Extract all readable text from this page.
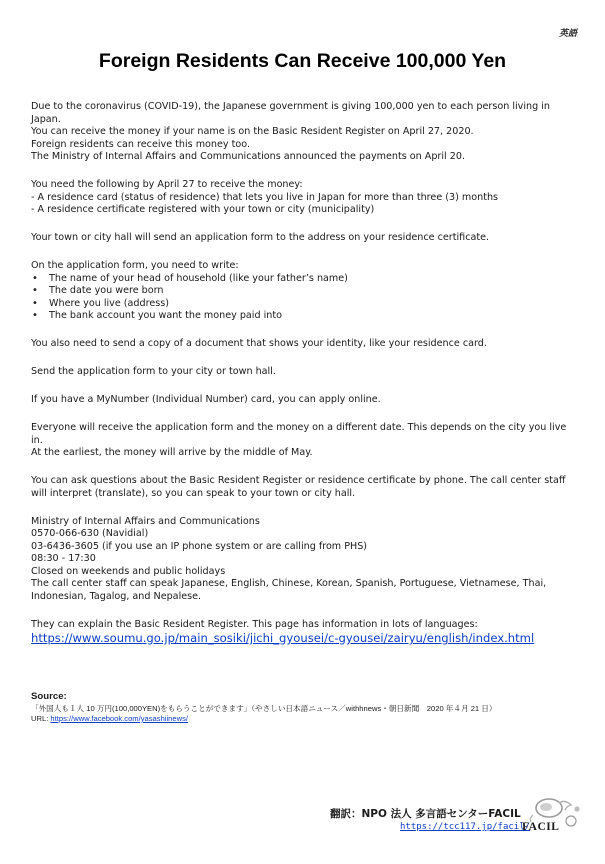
英語
Foreign Residents Can Receive 100,000 Yen

Due to the coronavirus (COVID-19), the Japanese government is giving 100,000 yen to each person living in Japan.

You can receive the money if your name is on the Basic Resident Register on April 27, 2020.

Foreign residents can receive this money too.

The Ministry of Internal Affairs and Communications announced the payments on April 20.

You need the following by April 27 to receive the money:

- A residence card (status of residence) that lets you live in Japan for more than three (3) months

- A residence certificate registered with your town or city (municipality)

Your town or city hall will send an application form to the address on your residence certificate.

On the application form, you need to write:

• The name of your head of household (like your father’s name)
• The date you were born
• Where you live (address)
• The bank account you want the money paid into

You also need to send a copy of a document that shows your identity, like your residence card.

Send the application form to your city or town hall.

If you have a MyNumber (Individual Number) card, you can apply online.

Everyone will receive the application form and the money on a different date. This depends on the city you live in.

At the earliest, the money will arrive by the middle of May.

You can ask questions about the Basic Resident Register or residence certificate by phone. The call center staff will interpret (translate), so you can speak to your town or city hall.

Ministry of Internal Affairs and Communications

0570-066-630 (Navidial)

03-6436-3605 (if you use an IP phone system or are calling from PHS)

08:30 - 17:30

Closed on weekends and public holidays

The call center staff can speak Japanese, English, Chinese, Korean, Spanish, Portuguese, Vietnamese, Thai, Indonesian, Tagalog, and Nepalese.

They can explain the Basic Resident Register. This page has information in lots of languages:

https://www.soumu.go.jp/main_sosiki/jichi_gyousei/c-gyousei/zairyu/english/index.html
Source:
「外国人も１人 10 万円(100,000YEN)をもらうことができます」（やさしい日本語ニュース／withhnews・朝日新聞　2020 年４月 21 日）
URL: https://www.facebook.com/yasashiinews/
翻訳：NPO 法人 多言語センターFACIL
https://tcc117.jp/facil/
FACIL
